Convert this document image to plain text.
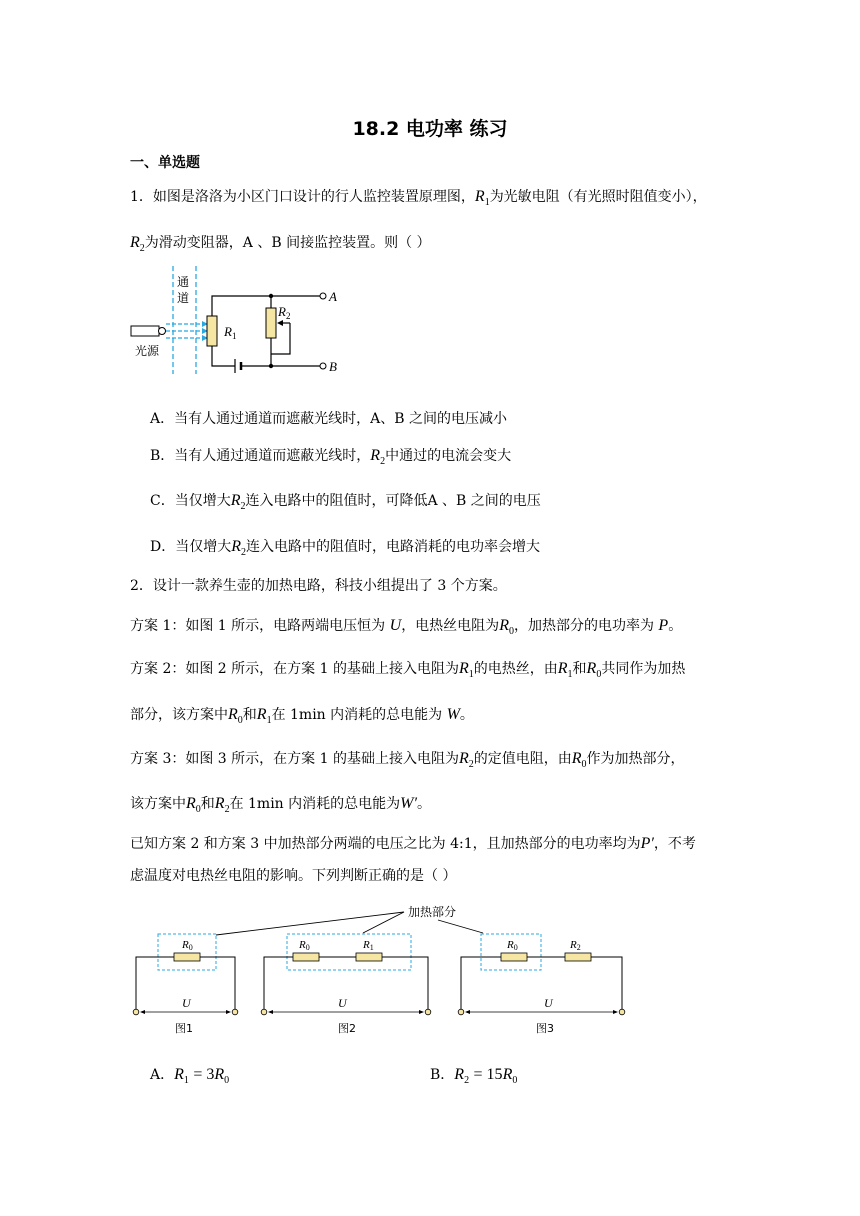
18.2 电功率 练习
一、单选题
1．如图是洛洛为小区门口设计的行人监控装置原理图，$R_1$为光敏电阻（有光照时阻值变小），
$R_2$为滑动变阻器，A 、B 间接监控装置。则（ ）
通
道
光源
$R_1$
$R_2$
A
B
A．当有人通过通道而遮蔽光线时，A、B 之间的电压减小
B．当有人通过通道而遮蔽光线时，$R_2$中通过的电流会变大
C．当仅增大$R_2$连入电路中的阻值时，可降低A 、B 之间的电压
D．当仅增大$R_2$连入电路中的阻值时，电路消耗的电功率会增大
2．设计一款养生壶的加热电路，科技小组提出了 3 个方案。
方案 1：如图 1 所示，电路两端电压恒为 U，电热丝电阻为$R_0$，加热部分的电功率为 P。
方案 2：如图 2 所示，在方案 1 的基础上接入电阻为$R_1$的电热丝，由$R_1$和$R_0$共同作为加热
部分，该方案中$R_0$和$R_1$在 1min 内消耗的总电能为 W。
方案 3：如图 3 所示，在方案 1 的基础上接入电阻为$R_2$的定值电阻，由$R_0$作为加热部分，
该方案中$R_0$和$R_2$在 1min 内消耗的总电能为W′。
已知方案 2 和方案 3 中加热部分两端的电压之比为 4:1，且加热部分的电功率均为P′，不考
虑温度对电热丝电阻的影响。下列判断正确的是（ ）
加热部分
R0
U
图1
R0	R1
U
图2
R0	R2
U
图3
A．$R_1 = 3R_0$	B．$R_2 = 15R_0$
